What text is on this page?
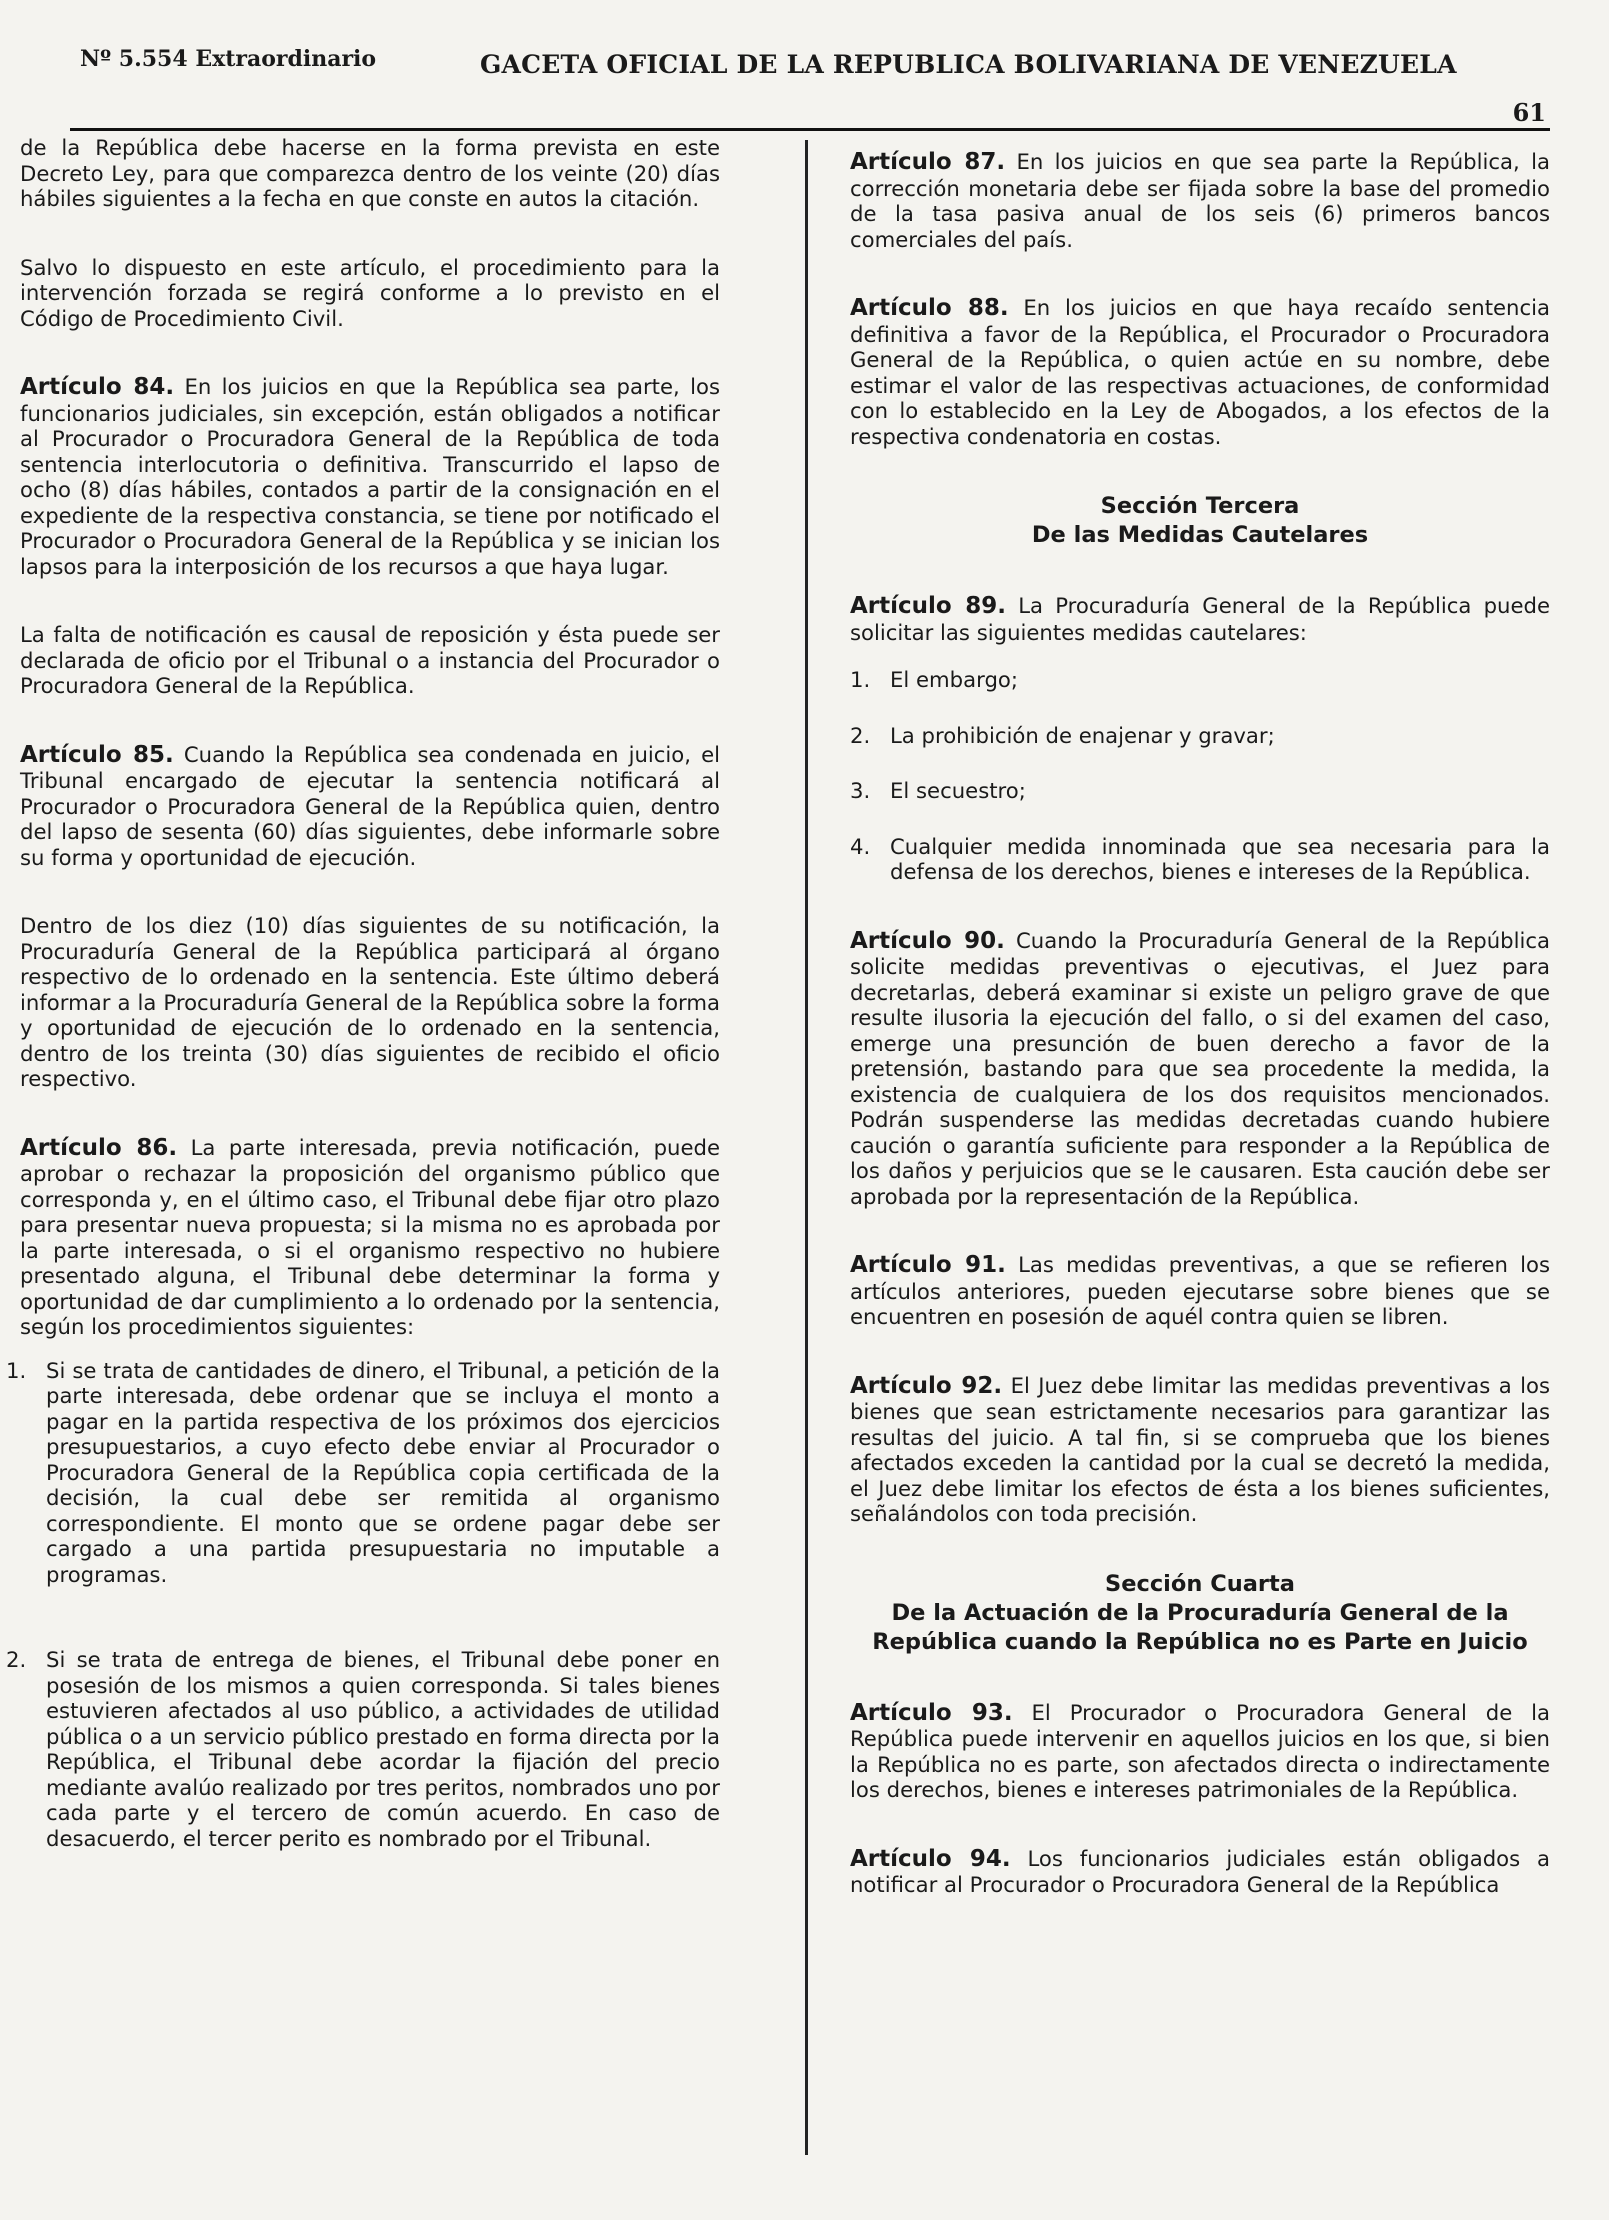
Nº 5.554 Extraordinario	GACETA OFICIAL DE LA REPUBLICA BOLIVARIANA DE VENEZUELA
61

de la República debe hacerse en la forma prevista en este Decreto Ley, para que comparezca dentro de los veinte (20) días hábiles siguientes a la fecha en que conste en autos la citación.

Salvo lo dispuesto en este artículo, el procedimiento para la intervención forzada se regirá conforme a lo previsto en el Código de Procedimiento Civil.

Artículo 84. En los juicios en que la República sea parte, los funcionarios judiciales, sin excepción, están obligados a notificar al Procurador o Procuradora General de la República de toda sentencia interlocutoria o definitiva. Transcurrido el lapso de ocho (8) días hábiles, contados a partir de la consignación en el expediente de la respectiva constancia, se tiene por notificado el Procurador o Procuradora General de la República y se inician los lapsos para la interposición de los recursos a que haya lugar.

La falta de notificación es causal de reposición y ésta puede ser declarada de oficio por el Tribunal o a instancia del Procurador o Procuradora General de la República.

Artículo 85. Cuando la República sea condenada en juicio, el Tribunal encargado de ejecutar la sentencia notificará al Procurador o Procuradora General de la República quien, dentro del lapso de sesenta (60) días siguientes, debe informarle sobre su forma y oportunidad de ejecución.

Dentro de los diez (10) días siguientes de su notificación, la Procuraduría General de la República participará al órgano respectivo de lo ordenado en la sentencia. Este último deberá informar a la Procuraduría General de la República sobre la forma y oportunidad de ejecución de lo ordenado en la sentencia, dentro de los treinta (30) días siguientes de recibido el oficio respectivo.

Artículo 86. La parte interesada, previa notificación, puede aprobar o rechazar la proposición del organismo público que corresponda y, en el último caso, el Tribunal debe fijar otro plazo para presentar nueva propuesta; si la misma no es aprobada por la parte interesada, o si el organismo respectivo no hubiere presentado alguna, el Tribunal debe determinar la forma y oportunidad de dar cumplimiento a lo ordenado por la sentencia, según los procedimientos siguientes:

1. Si se trata de cantidades de dinero, el Tribunal, a petición de la parte interesada, debe ordenar que se incluya el monto a pagar en la partida respectiva de los próximos dos ejercicios presupuestarios, a cuyo efecto debe enviar al Procurador o Procuradora General de la República copia certificada de la decisión, la cual debe ser remitida al organismo correspondiente. El monto que se ordene pagar debe ser cargado a una partida presupuestaria no imputable a programas.
2. Si se trata de entrega de bienes, el Tribunal debe poner en posesión de los mismos a quien corresponda. Si tales bienes estuvieren afectados al uso público, a actividades de utilidad pública o a un servicio público prestado en forma directa por la República, el Tribunal debe acordar la fijación del precio mediante avalúo realizado por tres peritos, nombrados uno por cada parte y el tercero de común acuerdo. En caso de desacuerdo, el tercer perito es nombrado por el Tribunal.

Artículo 87. En los juicios en que sea parte la República, la corrección monetaria debe ser fijada sobre la base del promedio de la tasa pasiva anual de los seis (6) primeros bancos comerciales del país.

Artículo 88. En los juicios en que haya recaído sentencia definitiva a favor de la República, el Procurador o Procuradora General de la República, o quien actúe en su nombre, debe estimar el valor de las respectivas actuaciones, de conformidad con lo establecido en la Ley de Abogados, a los efectos de la respectiva condenatoria en costas.

Sección Tercera
De las Medidas Cautelares

Artículo 89. La Procuraduría General de la República puede solicitar las siguientes medidas cautelares:

1. El embargo;
2. La prohibición de enajenar y gravar;
3. El secuestro;
4. Cualquier medida innominada que sea necesaria para la defensa de los derechos, bienes e intereses de la República.

Artículo 90. Cuando la Procuraduría General de la República solicite medidas preventivas o ejecutivas, el Juez para decretarlas, deberá examinar si existe un peligro grave de que resulte ilusoria la ejecución del fallo, o si del examen del caso, emerge una presunción de buen derecho a favor de la pretensión, bastando para que sea procedente la medida, la existencia de cualquiera de los dos requisitos mencionados. Podrán suspenderse las medidas decretadas cuando hubiere caución o garantía suficiente para responder a la República de los daños y perjuicios que se le causaren. Esta caución debe ser aprobada por la representación de la República.

Artículo 91. Las medidas preventivas, a que se refieren los artículos anteriores, pueden ejecutarse sobre bienes que se encuentren en posesión de aquél contra quien se libren.

Artículo 92. El Juez debe limitar las medidas preventivas a los bienes que sean estrictamente necesarios para garantizar las resultas del juicio. A tal fin, si se comprueba que los bienes afectados exceden la cantidad por la cual se decretó la medida, el Juez debe limitar los efectos de ésta a los bienes suficientes, señalándolos con toda precisión.

Sección Cuarta
De la Actuación de la Procuraduría General de la
República cuando la República no es Parte en Juicio

Artículo 93. El Procurador o Procuradora General de la República puede intervenir en aquellos juicios en los que, si bien la República no es parte, son afectados directa o indirectamente los derechos, bienes e intereses patrimoniales de la República.

Artículo 94. Los funcionarios judiciales están obligados a notificar al Procurador o Procuradora General de la República
